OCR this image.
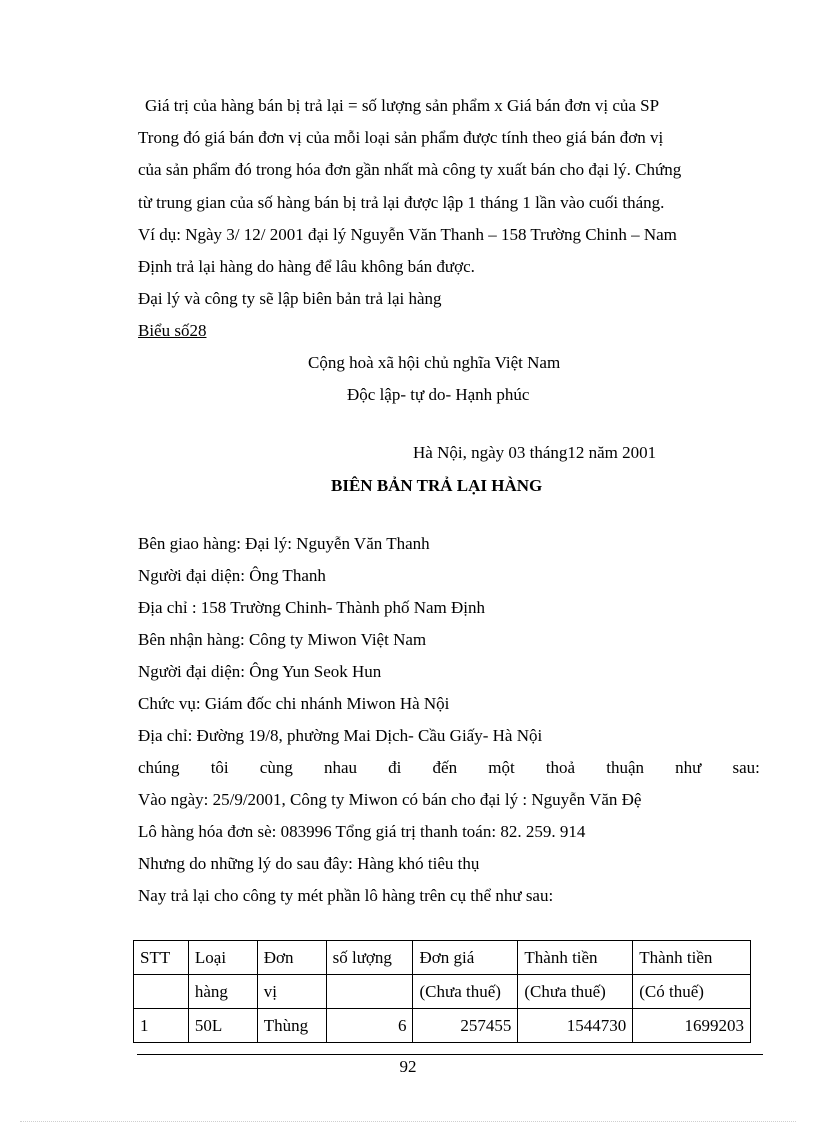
Giá trị của hàng bán bị trả lại = số lượng sản phẩm x Giá bán đơn vị của SP
Trong đó giá bán đơn vị của mỗi loại sản phẩm được tính theo giá bán đơn vị
của sản phẩm đó trong hóa đơn gần nhất mà công ty xuất bán cho đại lý. Chứng
từ trung gian của số hàng bán bị trả lại được lập 1 tháng 1 lần vào cuối tháng.
Ví dụ: Ngày 3/ 12/ 2001 đại lý Nguyễn Văn Thanh – 158 Trường Chinh – Nam
Định trả lại hàng do hàng để lâu không bán được.
Đại lý và công ty sẽ lập biên bản trả lại hàng
Biểu số28
Cộng hoà xã hội chủ nghĩa Việt Nam
Độc lập- tự do- Hạnh phúc
Hà Nội, ngày 03 tháng12 năm 2001
BIÊN BẢN TRẢ LẠI HÀNG
Bên giao hàng: Đại lý: Nguyễn Văn Thanh
Người đại diện: Ông Thanh
Địa chỉ : 158 Trường Chinh- Thành phố Nam Định
Bên nhận hàng: Công ty Miwon Việt Nam
Người đại diện: Ông Yun Seok Hun
Chức vụ: Giám đốc chi nhánh Miwon Hà Nội
Địa chỉ: Đường 19/8, phường Mai Dịch- Cầu Giấy- Hà Nội
chúng tôi cùng nhau đi đến một thoả thuận như sau:
Vào ngày: 25/9/2001, Công ty Miwon có bán cho đại lý : Nguyễn Văn Đệ
Lô hàng hóa đơn sè: 083996 Tổng giá trị thanh toán: 82. 259. 914
Nhưng do những lý do sau đây: Hàng khó tiêu thụ
Nay trả lại cho công ty mét phần lô hàng trên cụ thể như sau:
STT	Loại	Đơn	số lượng	Đơn giá	Thành tiền	Thành tiền
	hàng	vị		(Chưa thuế)	(Chưa thuế)	(Có thuế)
1	50L	Thùng	6	257455	1544730	1699203
92
